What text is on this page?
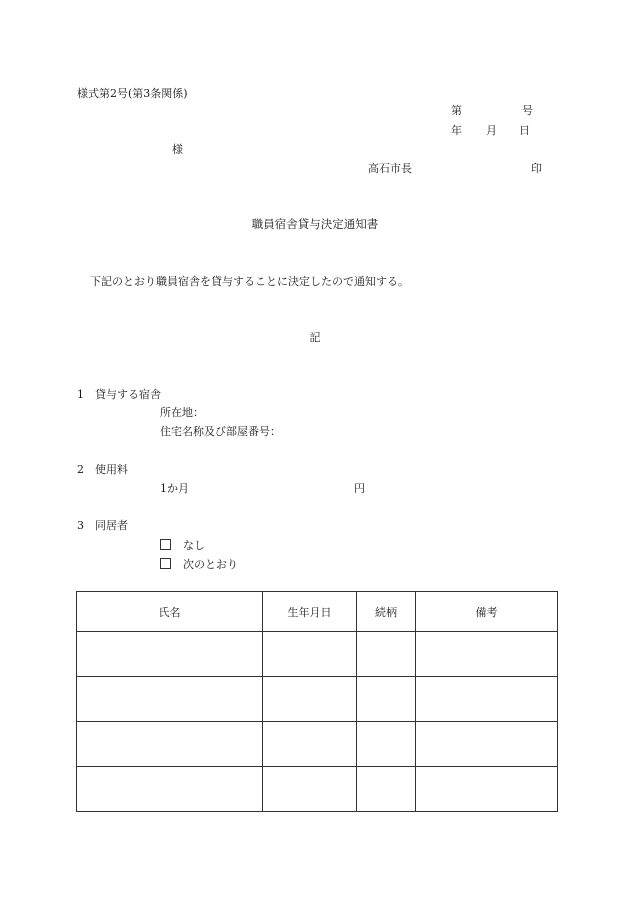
様式第2号(第3条関係)
第	号
年 月 日
様
高石市長	印
職員宿舎貸与決定通知書
下記のとおり職員宿舎を貸与することに決定したので通知する。
記
1　貸与する宿舎
所在地：
住宅名称及び部屋番号：
2　使用料
1か月	円
3　同居者
なし
次のとおり
氏名	生年月日	続柄	備考
